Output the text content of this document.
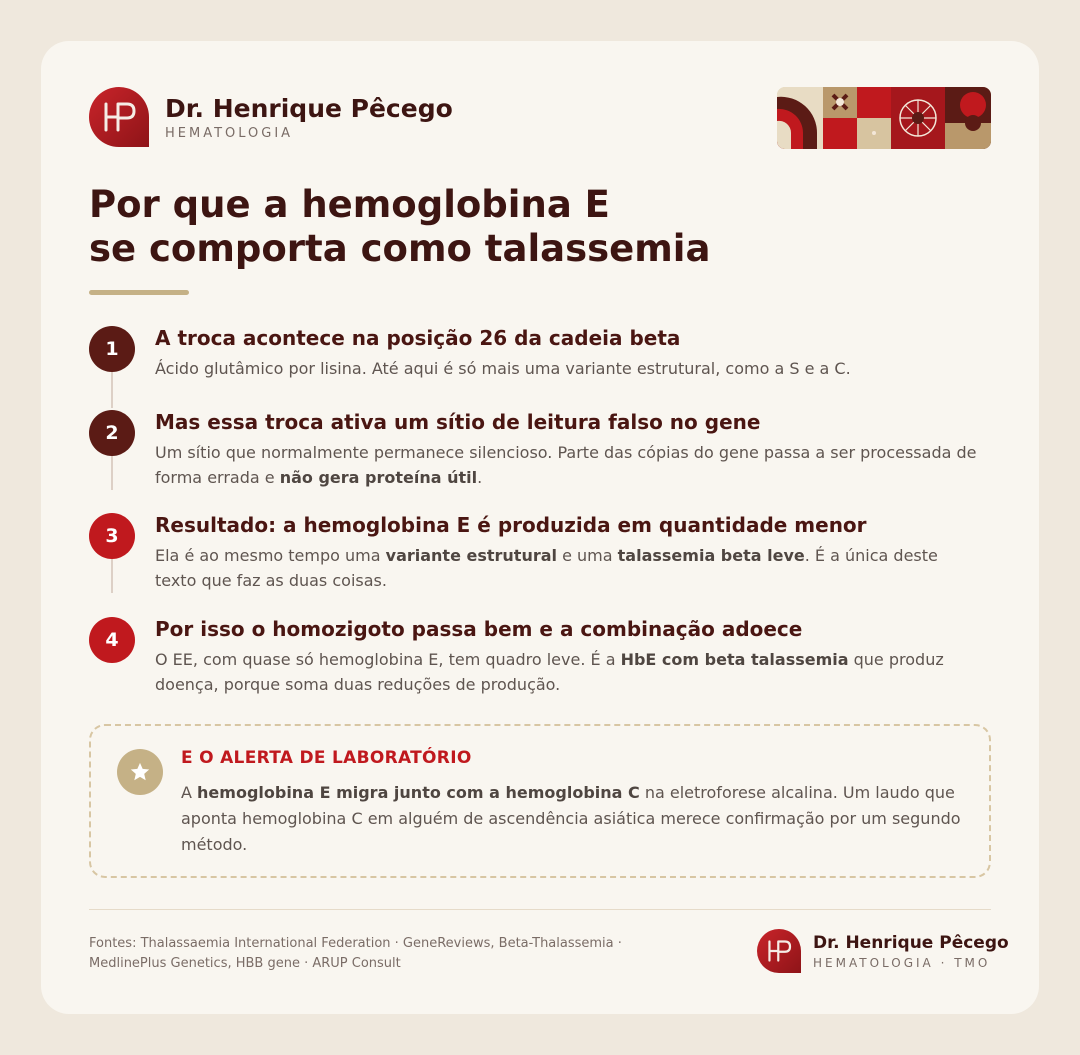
Dr. Henrique Pêcego
HEMATOLOGIA
Por que a hemoglobina E
se comporta como talassemia
1	A troca acontece na posição 26 da cadeia beta

Ácido glutâmico por lisina. Até aqui é só mais uma variante estrutural, como a S e a C.

2	Mas essa troca ativa um sítio de leitura falso no gene

Um sítio que normalmente permanece silencioso. Parte das cópias do gene passa a ser processada de forma errada e não gera proteína útil.

3	Resultado: a hemoglobina E é produzida em quantidade menor

Ela é ao mesmo tempo uma variante estrutural e uma talassemia beta leve. É a única deste texto que faz as duas coisas.

4	Por isso o homozigoto passa bem e a combinação adoece

O EE, com quase só hemoglobina E, tem quadro leve. É a HbE com beta talassemia que produz doença, porque soma duas reduções de produção.

E O ALERTA DE LABORATÓRIO

A hemoglobina E migra junto com a hemoglobina C na eletroforese alcalina. Um laudo que aponta hemoglobina C em alguém de ascendência asiática merece confirmação por um segundo método.

Fontes: Thalassaemia International Federation · GeneReviews, Beta-Thalassemia · MedlinePlus Genetics, HBB gene · ARUP Consult

Dr. Henrique Pêcego
HEMATOLOGIA · TMO
